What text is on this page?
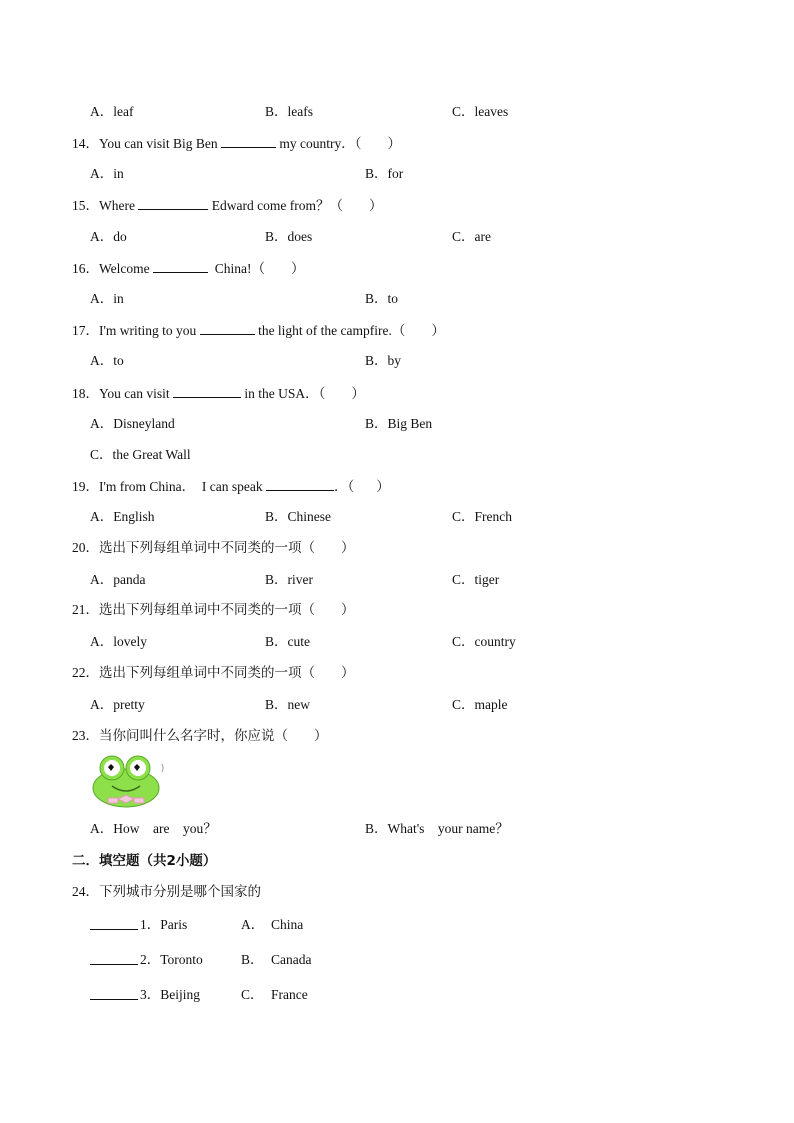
A．leaf	B．leafs	C．leaves
14．You can visit Big Ben	my country．（ ）
A．in	B．for
15．Where	Edward come from？（ ）
A．do	B．does	C．are
16．Welcome	China!（ ）
A．in	B．to
17．I'm writing to you	the light of the campfire.（ ）
A．to	B．by
18．You can visit	in the USA．（ ）
A．Disneyland	B．Big Ben
C．the Great Wall
19．I'm from China．  I can speak	．（ ）
A．English	B．Chinese	C．French
20．选出下列每组单词中不同类的一项（ ）
A．panda	B．river	C．tiger
21．选出下列每组单词中不同类的一项（ ）
A．lovely	B．cute	C．country
22．选出下列每组单词中不同类的一项（ ）
A．pretty	B．new	C．maple
23．当你问叫什么名字时，你应说（ ）
A．How    are    you？	B．What's    your name？
二．填空题（共2小题）
24．下列城市分别是哪个国家的
1．Paris	A． China
2．Toronto	B． Canada
3．Beijing	C． France
